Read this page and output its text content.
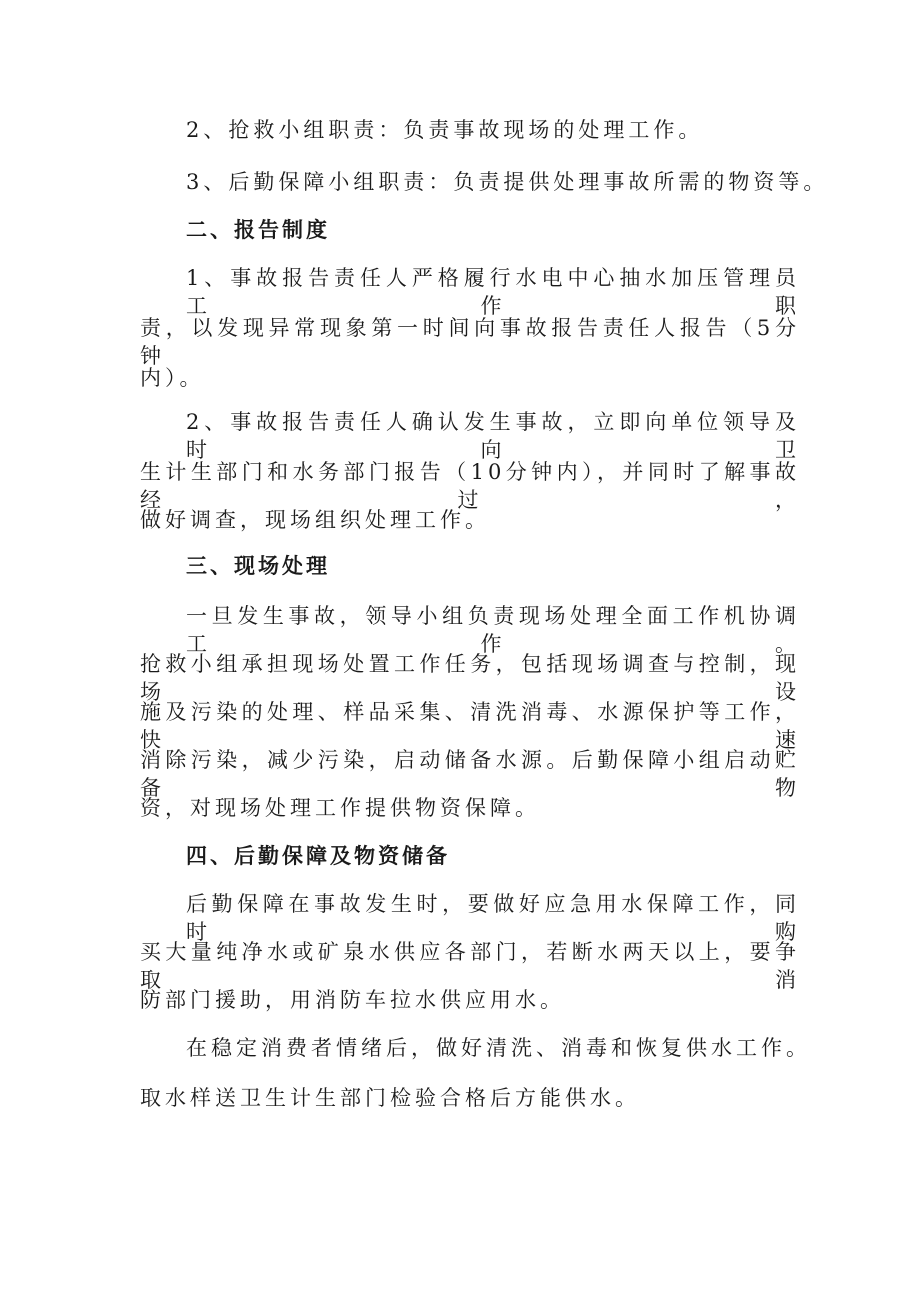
2、抢救小组职责：负责事故现场的处理工作。
3、后勤保障小组职责：负责提供处理事故所需的物资等。
二、报告制度
1、事故报告责任人严格履行水电中心抽水加压管理员工作职
责，以发现异常现象第一时间向事故报告责任人报告（5分钟
内）。
2、事故报告责任人确认发生事故，立即向单位领导及时向卫
生计生部门和水务部门报告（10分钟内），并同时了解事故经过，
做好调查，现场组织处理工作。
三、现场处理
一旦发生事故，领导小组负责现场处理全面工作机协调工作。
抢救小组承担现场处置工作任务，包括现场调查与控制，现场设
施及污染的处理、样品采集、清洗消毒、水源保护等工作，快速
消除污染，减少污染，启动储备水源。后勤保障小组启动贮备物
资，对现场处理工作提供物资保障。
四、后勤保障及物资储备
后勤保障在事故发生时，要做好应急用水保障工作，同时购
买大量纯净水或矿泉水供应各部门，若断水两天以上，要争取消
防部门援助，用消防车拉水供应用水。
在稳定消费者情绪后，做好清洗、消毒和恢复供水工作。
取水样送卫生计生部门检验合格后方能供水。
